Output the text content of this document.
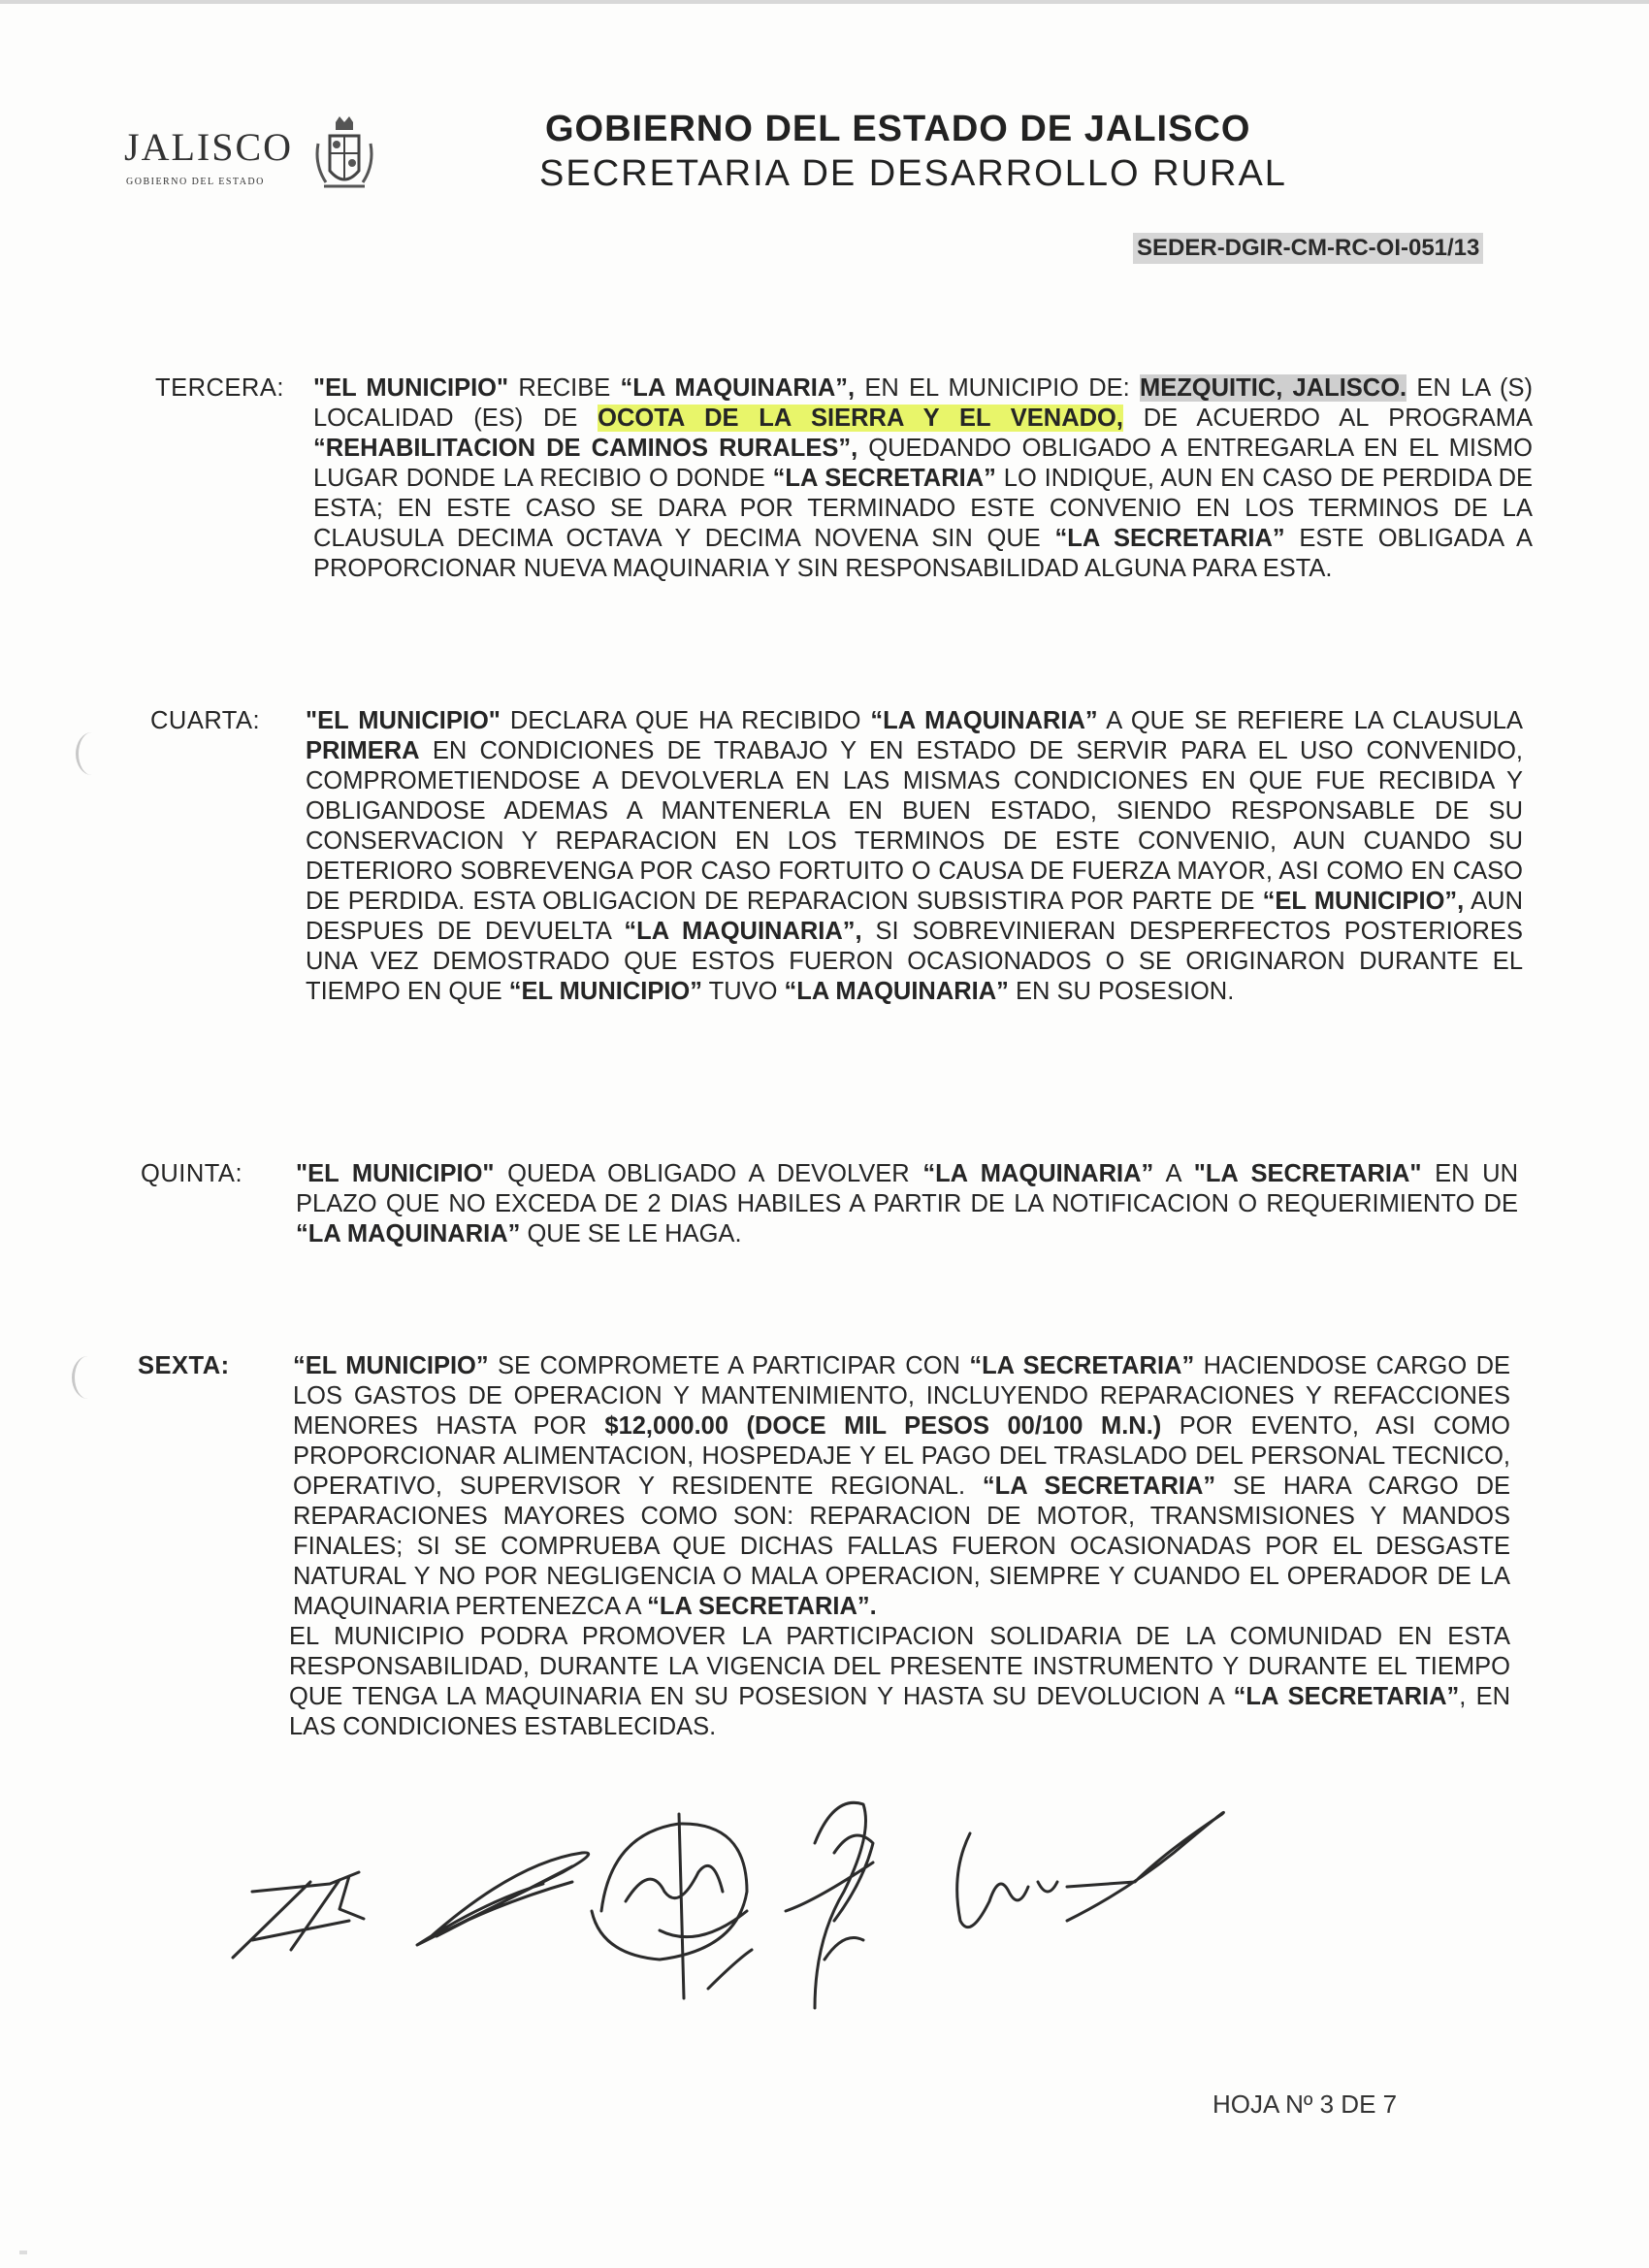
JALISCO
GOBIERNO DEL ESTADO
GOBIERNO DEL ESTADO DE JALISCO
SECRETARIA DE DESARROLLO RURAL
SEDER-DGIR-CM-RC-OI-051/13
TERCERA:	"EL MUNICIPIO" RECIBE “LA MAQUINARIA”, EN EL MUNICIPIO DE: MEZQUITIC, JALISCO. EN LA (S) LOCALIDAD (ES) DE OCOTA DE LA SIERRA Y EL VENADO, DE ACUERDO AL PROGRAMA “REHABILITACION DE CAMINOS RURALES”, QUEDANDO OBLIGADO A ENTREGARLA EN EL MISMO LUGAR DONDE LA RECIBIO O DONDE “LA SECRETARIA” LO INDIQUE, AUN EN CASO DE PERDIDA DE ESTA; EN ESTE CASO SE DARA POR TERMINADO ESTE CONVENIO EN LOS TERMINOS DE LA CLAUSULA DECIMA OCTAVA Y DECIMA NOVENA SIN QUE “LA SECRETARIA” ESTE OBLIGADA A PROPORCIONAR NUEVA MAQUINARIA Y SIN RESPONSABILIDAD ALGUNA PARA ESTA.
CUARTA:	"EL MUNICIPIO" DECLARA QUE HA RECIBIDO “LA MAQUINARIA” A QUE SE REFIERE LA CLAUSULA PRIMERA EN CONDICIONES DE TRABAJO Y EN ESTADO DE SERVIR PARA EL USO CONVENIDO, COMPROMETIENDOSE A DEVOLVERLA EN LAS MISMAS CONDICIONES EN QUE FUE RECIBIDA Y OBLIGANDOSE ADEMAS A MANTENERLA EN BUEN ESTADO, SIENDO RESPONSABLE DE SU CONSERVACION Y REPARACION EN LOS TERMINOS DE ESTE CONVENIO, AUN CUANDO SU DETERIORO SOBREVENGA POR CASO FORTUITO O CAUSA DE FUERZA MAYOR, ASI COMO EN CASO DE PERDIDA. ESTA OBLIGACION DE REPARACION SUBSISTIRA POR PARTE DE “EL MUNICIPIO”, AUN DESPUES DE DEVUELTA “LA MAQUINARIA”, SI SOBREVINIERAN DESPERFECTOS POSTERIORES UNA VEZ DEMOSTRADO QUE ESTOS FUERON OCASIONADOS O SE ORIGINARON DURANTE EL TIEMPO EN QUE “EL MUNICIPIO” TUVO “LA MAQUINARIA” EN SU POSESION.
QUINTA:	"EL MUNICIPIO" QUEDA OBLIGADO A DEVOLVER “LA MAQUINARIA” A "LA SECRETARIA" EN UN PLAZO QUE NO EXCEDA DE 2 DIAS HABILES A PARTIR DE LA NOTIFICACION O REQUERIMIENTO DE “LA MAQUINARIA” QUE SE LE HAGA.
SEXTA:	“EL MUNICIPIO” SE COMPROMETE A PARTICIPAR CON “LA SECRETARIA” HACIENDOSE CARGO DE LOS GASTOS DE OPERACION Y MANTENIMIENTO, INCLUYENDO REPARACIONES Y REFACCIONES MENORES HASTA POR $12,000.00 (DOCE MIL PESOS 00/100 M.N.) POR EVENTO, ASI COMO PROPORCIONAR ALIMENTACION, HOSPEDAJE Y EL PAGO DEL TRASLADO DEL PERSONAL TECNICO, OPERATIVO, SUPERVISOR Y RESIDENTE REGIONAL. “LA SECRETARIA” SE HARA CARGO DE REPARACIONES MAYORES COMO SON: REPARACION DE MOTOR, TRANSMISIONES Y MANDOS FINALES; SI SE COMPRUEBA QUE DICHAS FALLAS FUERON OCASIONADAS POR EL DESGASTE NATURAL Y NO POR NEGLIGENCIA O MALA OPERACION, SIEMPRE Y CUANDO EL OPERADOR DE LA MAQUINARIA PERTENEZCA A “LA SECRETARIA”.
EL MUNICIPIO PODRA PROMOVER LA PARTICIPACION SOLIDARIA DE LA COMUNIDAD EN ESTA RESPONSABILIDAD, DURANTE LA VIGENCIA DEL PRESENTE INSTRUMENTO Y DURANTE EL TIEMPO QUE TENGA LA MAQUINARIA EN SU POSESION Y HASTA SU DEVOLUCION A “LA SECRETARIA”, EN LAS CONDICIONES ESTABLECIDAS.
HOJA Nº 3 DE 7
